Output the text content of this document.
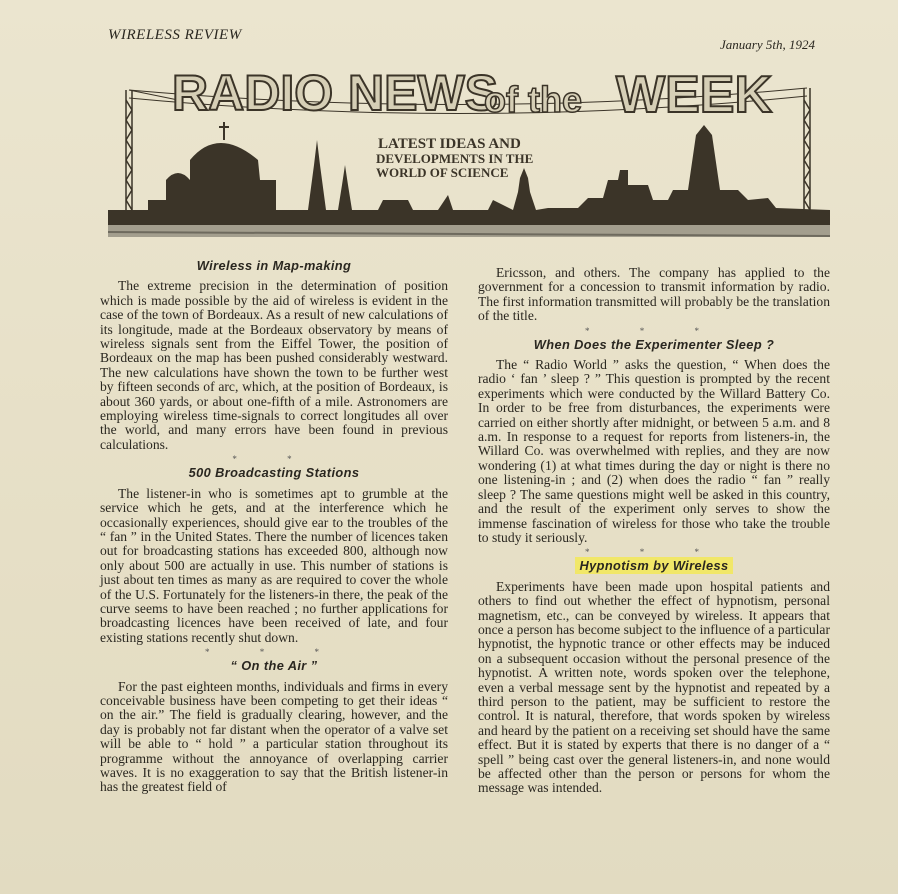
WIRELESS REVIEW
January 5th, 1924
RADIO NEWS
of the WEEK
LATEST IDEAS AND
DEVELOPMENTS IN THE
WORLD OF SCIENCE
Wireless in Map-making

The extreme precision in the determination of position which is made possible by the aid of wireless is evident in the case of the town of Bordeaux. As a result of new calculations of its longitude, made at the Bordeaux observatory by means of wireless signals sent from the Eiffel Tower, the position of Bordeaux on the map has been pushed considerably westward. The new calculations have shown the town to be further west by fifteen seconds of arc, which, at the position of Bordeaux, is about 360 yards, or about one-fifth of a mile. Astronomers are employing wireless time-signals to correct longitudes all over the world, and many errors have been found in previous calculations.

* *
500 Broadcasting Stations

The listener-in who is sometimes apt to grumble at the service which he gets, and at the interference which he occasionally experiences, should give ear to the troubles of the “ fan ” in the United States. There the number of licences taken out for broadcasting stations has exceeded 800, although now only about 500 are actually in use. This number of stations is just about ten times as many as are required to cover the whole of the U.S. Fortunately for the listeners-in there, the peak of the curve seems to have been reached ; no further applications for broadcasting licences have been received of late, and four existing stations recently shut down.

* * *
“ On the Air ”

For the past eighteen months, individuals and firms in every conceivable business have been competing to get their ideas “ on the air.” The field is gradually clearing, however, and the day is probably not far distant when the operator of a valve set will be able to “ hold ” a particular station throughout its programme without the annoyance of overlapping carrier waves. It is no exaggeration to say that the British listener-in has the greatest field of

Ericsson, and others. The company has applied to the government for a concession to transmit information by radio. The first information transmitted will probably be the translation of the title.

* * *
When Does the Experimenter Sleep ?

The “ Radio World ” asks the question, “ When does the radio ‘ fan ’ sleep ? ” This question is prompted by the recent experiments which were conducted by the Willard Battery Co. In order to be free from disturbances, the experiments were carried on either shortly after midnight, or between 5 a.m. and 8 a.m. In response to a request for reports from listeners-in, the Willard Co. was overwhelmed with replies, and they are now wondering (1) at what times during the day or night is there no one listening-in ; and (2) when does the radio “ fan ” really sleep ? The same questions might well be asked in this country, and the result of the experiment only serves to show the immense fascination of wireless for those who take the trouble to study it seriously.

* * *
Hypnotism by Wireless

Experiments have been made upon hospital patients and others to find out whether the effect of hypnotism, personal magnetism, etc., can be conveyed by wireless. It appears that once a person has become subject to the influence of a particular hypnotist, the hypnotic trance or other effects may be induced on a subsequent occasion without the personal presence of the hypnotist. A written note, words spoken over the telephone, even a verbal message sent by the hypnotist and repeated by a third person to the patient, may be sufficient to restore the control. It is natural, therefore, that words spoken by wireless and heard by the patient on a receiving set should have the same effect. But it is stated by experts that there is no danger of a “ spell ” being cast over the general listeners-in, and none would be affected other than the person or persons for whom the message was intended.
